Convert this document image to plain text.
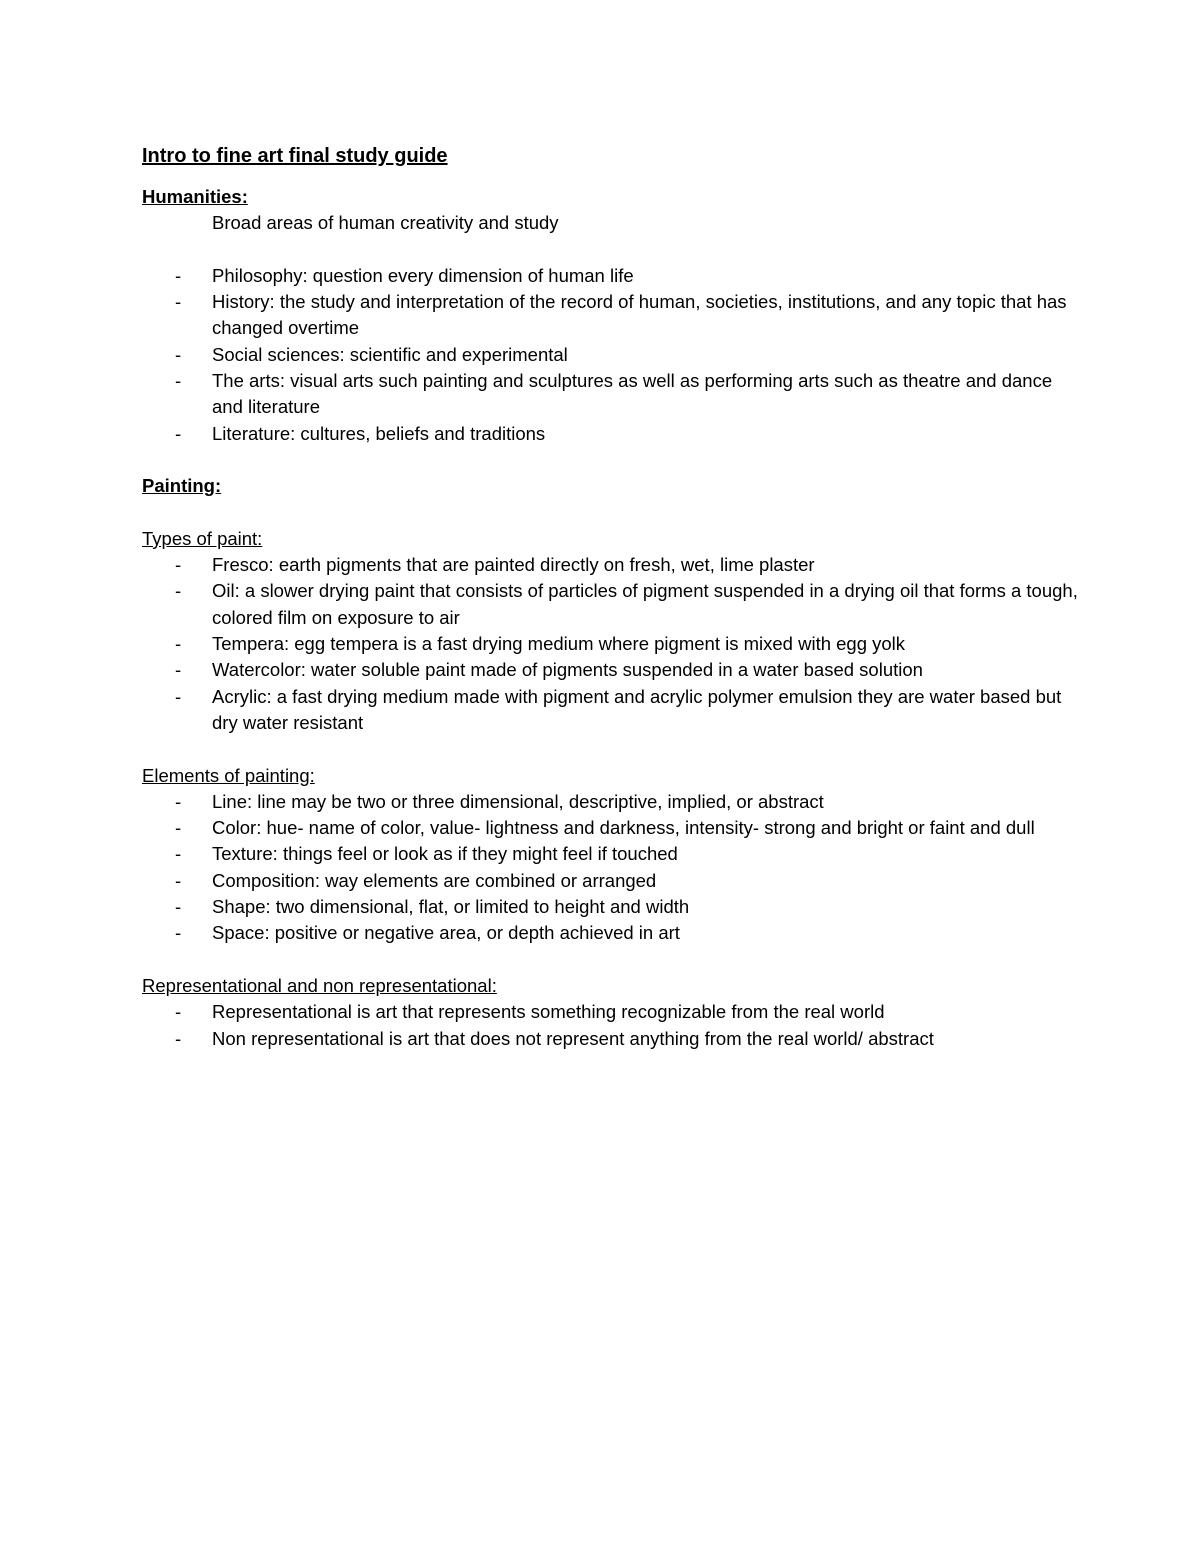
Intro to fine art final study guide

Humanities:

Broad areas of human creativity and study

- Philosophy: question every dimension of human life
- History: the study and interpretation of the record of human, societies, institutions, and any topic that has changed overtime
- Social sciences: scientific and experimental
- The arts: visual arts such painting and sculptures as well as performing arts such as theatre and dance and literature
- Literature: cultures, beliefs and traditions

Painting:

Types of paint:

- Fresco: earth pigments that are painted directly on fresh, wet, lime plaster
- Oil: a slower drying paint that consists of particles of pigment suspended in a drying oil that forms a tough, colored film on exposure to air
- Tempera: egg tempera is a fast drying medium where pigment is mixed with egg yolk
- Watercolor: water soluble paint made of pigments suspended in a water based solution
- Acrylic: a fast drying medium made with pigment and acrylic polymer emulsion they are water based but dry water resistant

Elements of painting:

- Line: line may be two or three dimensional, descriptive, implied, or abstract
- Color: hue- name of color, value- lightness and darkness, intensity- strong and bright or faint and dull
- Texture: things feel or look as if they might feel if touched
- Composition: way elements are combined or arranged
- Shape: two dimensional, flat, or limited to height and width
- Space: positive or negative area, or depth achieved in art

Representational and non representational:

- Representational is art that represents something recognizable from the real world
- Non representational is art that does not represent anything from the real world/ abstract
